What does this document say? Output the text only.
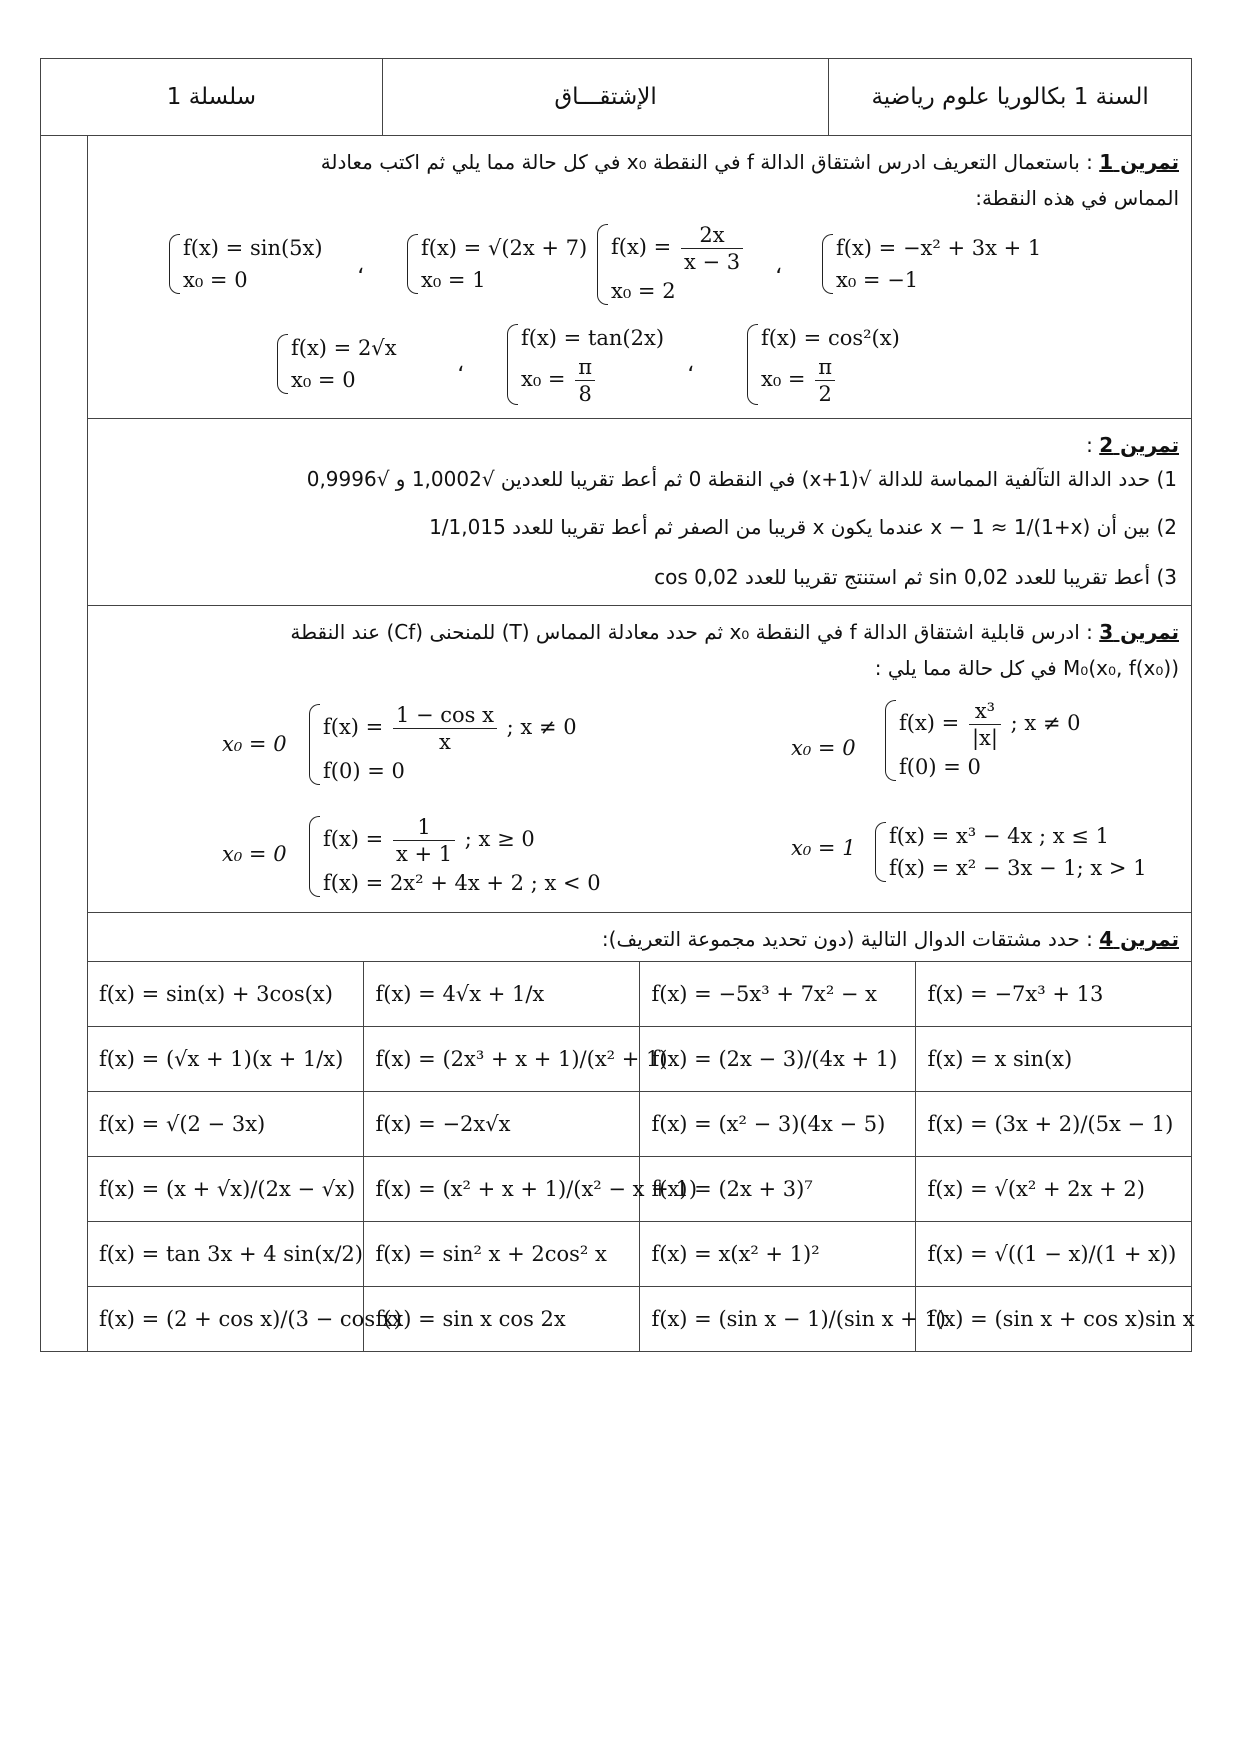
السنة 1 بكالوريا علوم رياضية
الإشتقـــاق
سلسلة 1
تمرين 1 : باستعمال التعريف ادرس اشتقاق الدالة f في النقطة x₀ في كل حالة مما يلي ثم اكتب معادلة
المماس في هذه النقطة:
f(x) = −x² + 3x + 1
x₀ = −1
،
$f(x) = \frac{2x}{x - 3}$
x₀ = 2
f(x) = √(2x + 7)
x₀ = 1
،
f(x) = sin(5x)
x₀ = 0
f(x) = cos²(x)
$x_0 = \frac{\pi}{2}$
،
f(x) = tan(2x)
$x_0 = \frac{\pi}{8}$
،
f(x) = 2√x
x₀ = 0
تمرين 2 :
1) حدد الدالة التآلفية المماسة للدالة √(1+x) في النقطة 0 ثم أعط تقريبا للعددين √1,0002 و √0,9996
2) بين أن x − 1 ≈ 1/(1+x) عندما يكون x قريبا من الصفر ثم أعط تقريبا للعدد 1/1,015
3) أعط تقريبا للعدد sin 0,02 ثم استنتج تقريبا للعدد cos 0,02
تمرين 3 : ادرس قابلية اشتقاق الدالة f في النقطة x₀ ثم حدد معادلة المماس (T) للمنحنى (Cf) عند النقطة
M₀(x₀, f(x₀)) في كل حالة مما يلي :
x₀ = 0
$f(x) = \frac{\text{x³}}{|x|}$ ; x ≠ 0
f(0) = 0
x₀ = 0
$f(x) = \frac{\text{1 − cos x}}{x}$ ; x ≠ 0
f(0) = 0
x₀ = 1 f(x) = x³ − 4x ; x ≤ 1
f(x) = x² − 3x − 1; x > 1
x₀ = 0
$f(x) = \frac{1}{x + 1}$ ; x ≥ 0
f(x) = 2x² + 4x + 2 ; x < 0
تمرين 4 : حدد مشتقات الدوال التالية (دون تحديد مجموعة التعريف):
f(x) = sin(x) + 3cos(x)	f(x) = 4√x + 1/x	f(x) = −5x³ + 7x² − x	f(x) = −7x³ + 13
f(x) = (√x + 1)(x + 1/x)	f(x) = (2x³ + x + 1)/(x² + 1)	f(x) = (2x − 3)/(4x + 1)	f(x) = x sin(x)
f(x) = √(2 − 3x)	f(x) = −2x√x	f(x) = (x² − 3)(4x − 5)	f(x) = (3x + 2)/(5x − 1)
f(x) = (x + √x)/(2x − √x)	f(x) = (x² + x + 1)/(x² − x + 1)	f(x) = (2x + 3)⁷	f(x) = √(x² + 2x + 2)
f(x) = tan 3x + 4 sin(x/2)	f(x) = sin² x + 2cos² x	f(x) = x(x² + 1)²	f(x) = √((1 − x)/(1 + x))
f(x) = (2 + cos x)/(3 − cos x)	f(x) = sin x cos 2x	f(x) = (sin x − 1)/(sin x + 1)	f(x) = (sin x + cos x)sin x
